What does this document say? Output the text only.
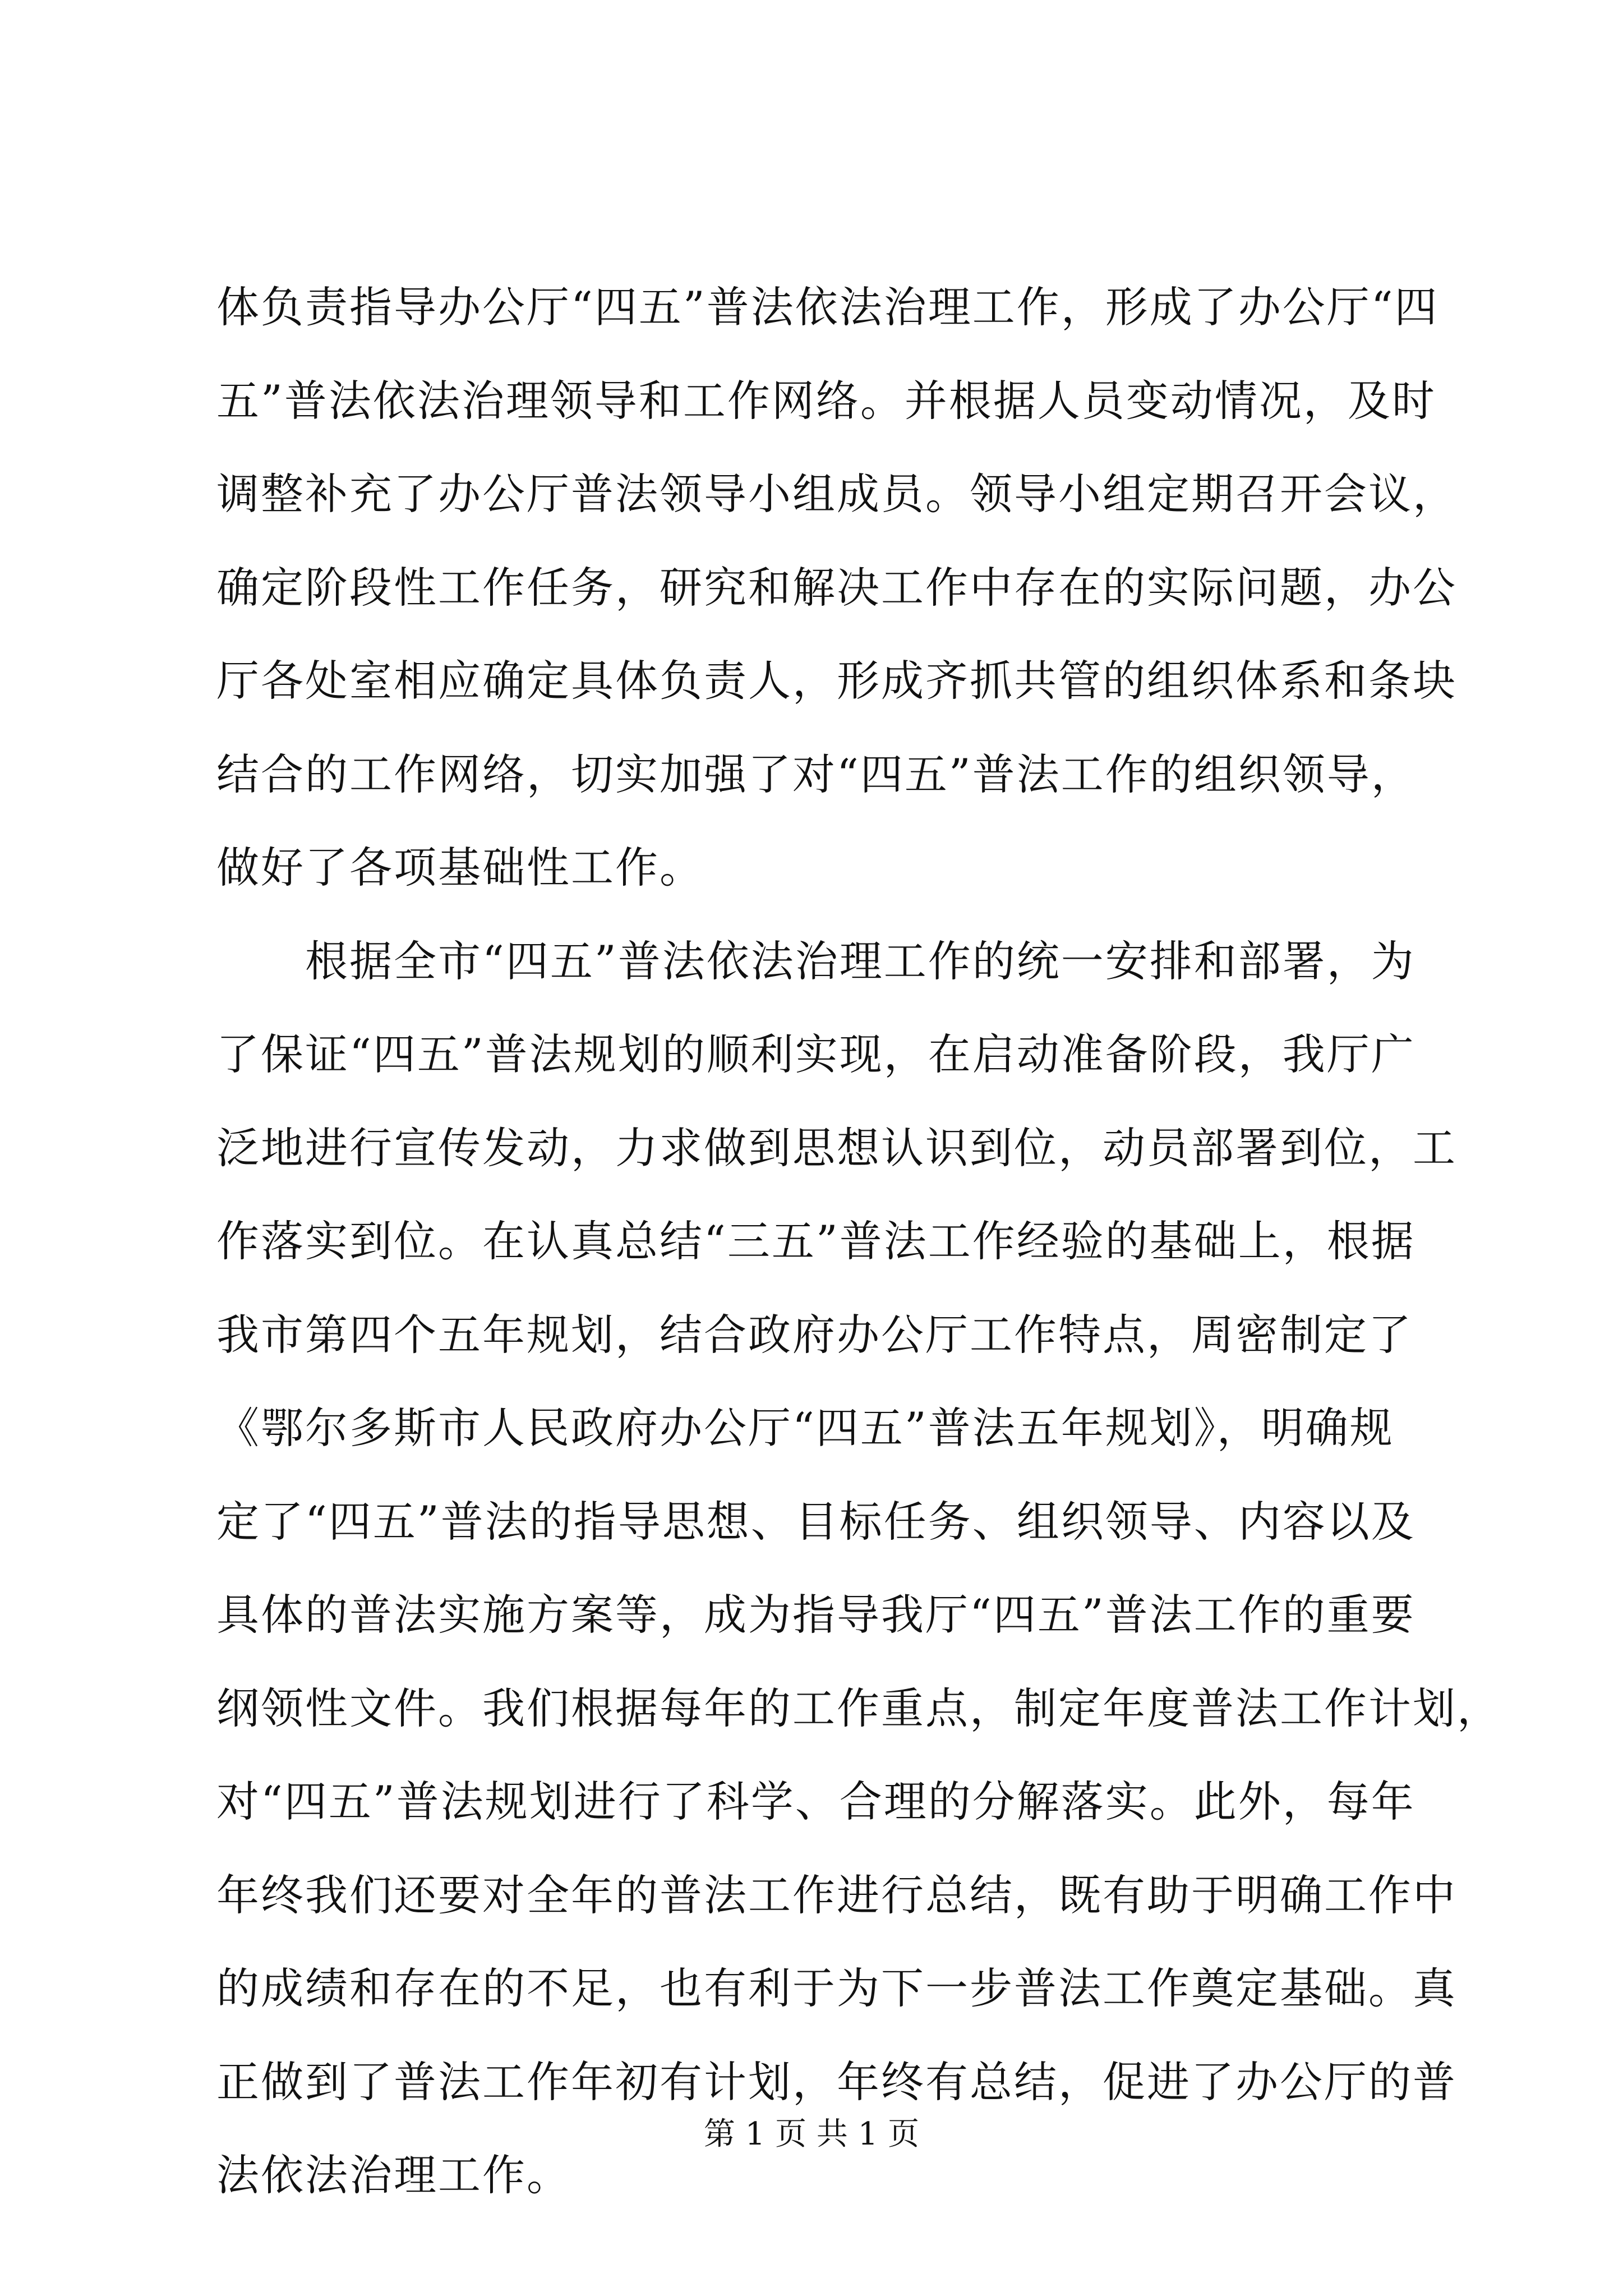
体负责指导办公厅“四五”普法依法治理工作，形成了办公厅“四
五”普法依法治理领导和工作网络。并根据人员变动情况，及时
调整补充了办公厅普法领导小组成员。领导小组定期召开会议，
确定阶段性工作任务，研究和解决工作中存在的实际问题，办公
厅各处室相应确定具体负责人，形成齐抓共管的组织体系和条块
结合的工作网络，切实加强了对“四五”普法工作的组织领导，
做好了各项基础性工作。
　　根据全市“四五”普法依法治理工作的统一安排和部署，为
了保证“四五”普法规划的顺利实现，在启动准备阶段，我厅广
泛地进行宣传发动，力求做到思想认识到位，动员部署到位，工
作落实到位。在认真总结“三五”普法工作经验的基础上，根据
我市第四个五年规划，结合政府办公厅工作特点，周密制定了
《鄂尔多斯市人民政府办公厅“四五”普法五年规划》，明确规
定了“四五”普法的指导思想、目标任务、组织领导、内容以及
具体的普法实施方案等，成为指导我厅“四五”普法工作的重要
纲领性文件。我们根据每年的工作重点，制定年度普法工作计划，
对“四五”普法规划进行了科学、合理的分解落实。此外，每年
年终我们还要对全年的普法工作进行总结，既有助于明确工作中
的成绩和存在的不足，也有利于为下一步普法工作奠定基础。真
正做到了普法工作年初有计划，年终有总结，促进了办公厅的普
法依法治理工作。
第 1 页 共 1 页
